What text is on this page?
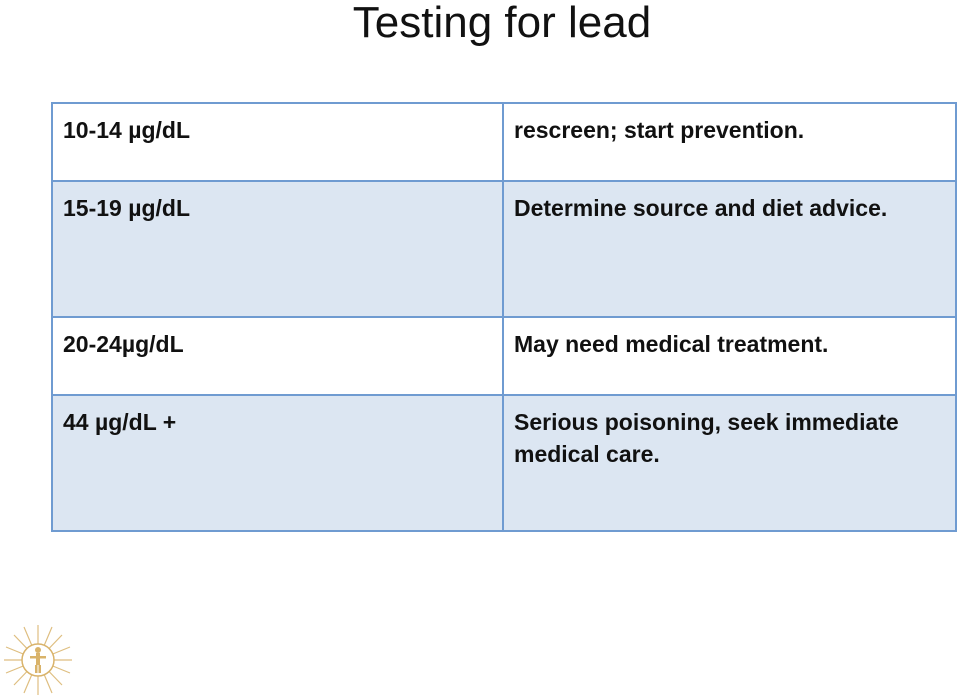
Testing for lead
10-14 µg/dL	rescreen; start prevention.
15-19 µg/dL	Determine source and diet advice.
20-24µg/dL	May need medical treatment.
44 µg/dL +	Serious poisoning, seek immediate medical care.
